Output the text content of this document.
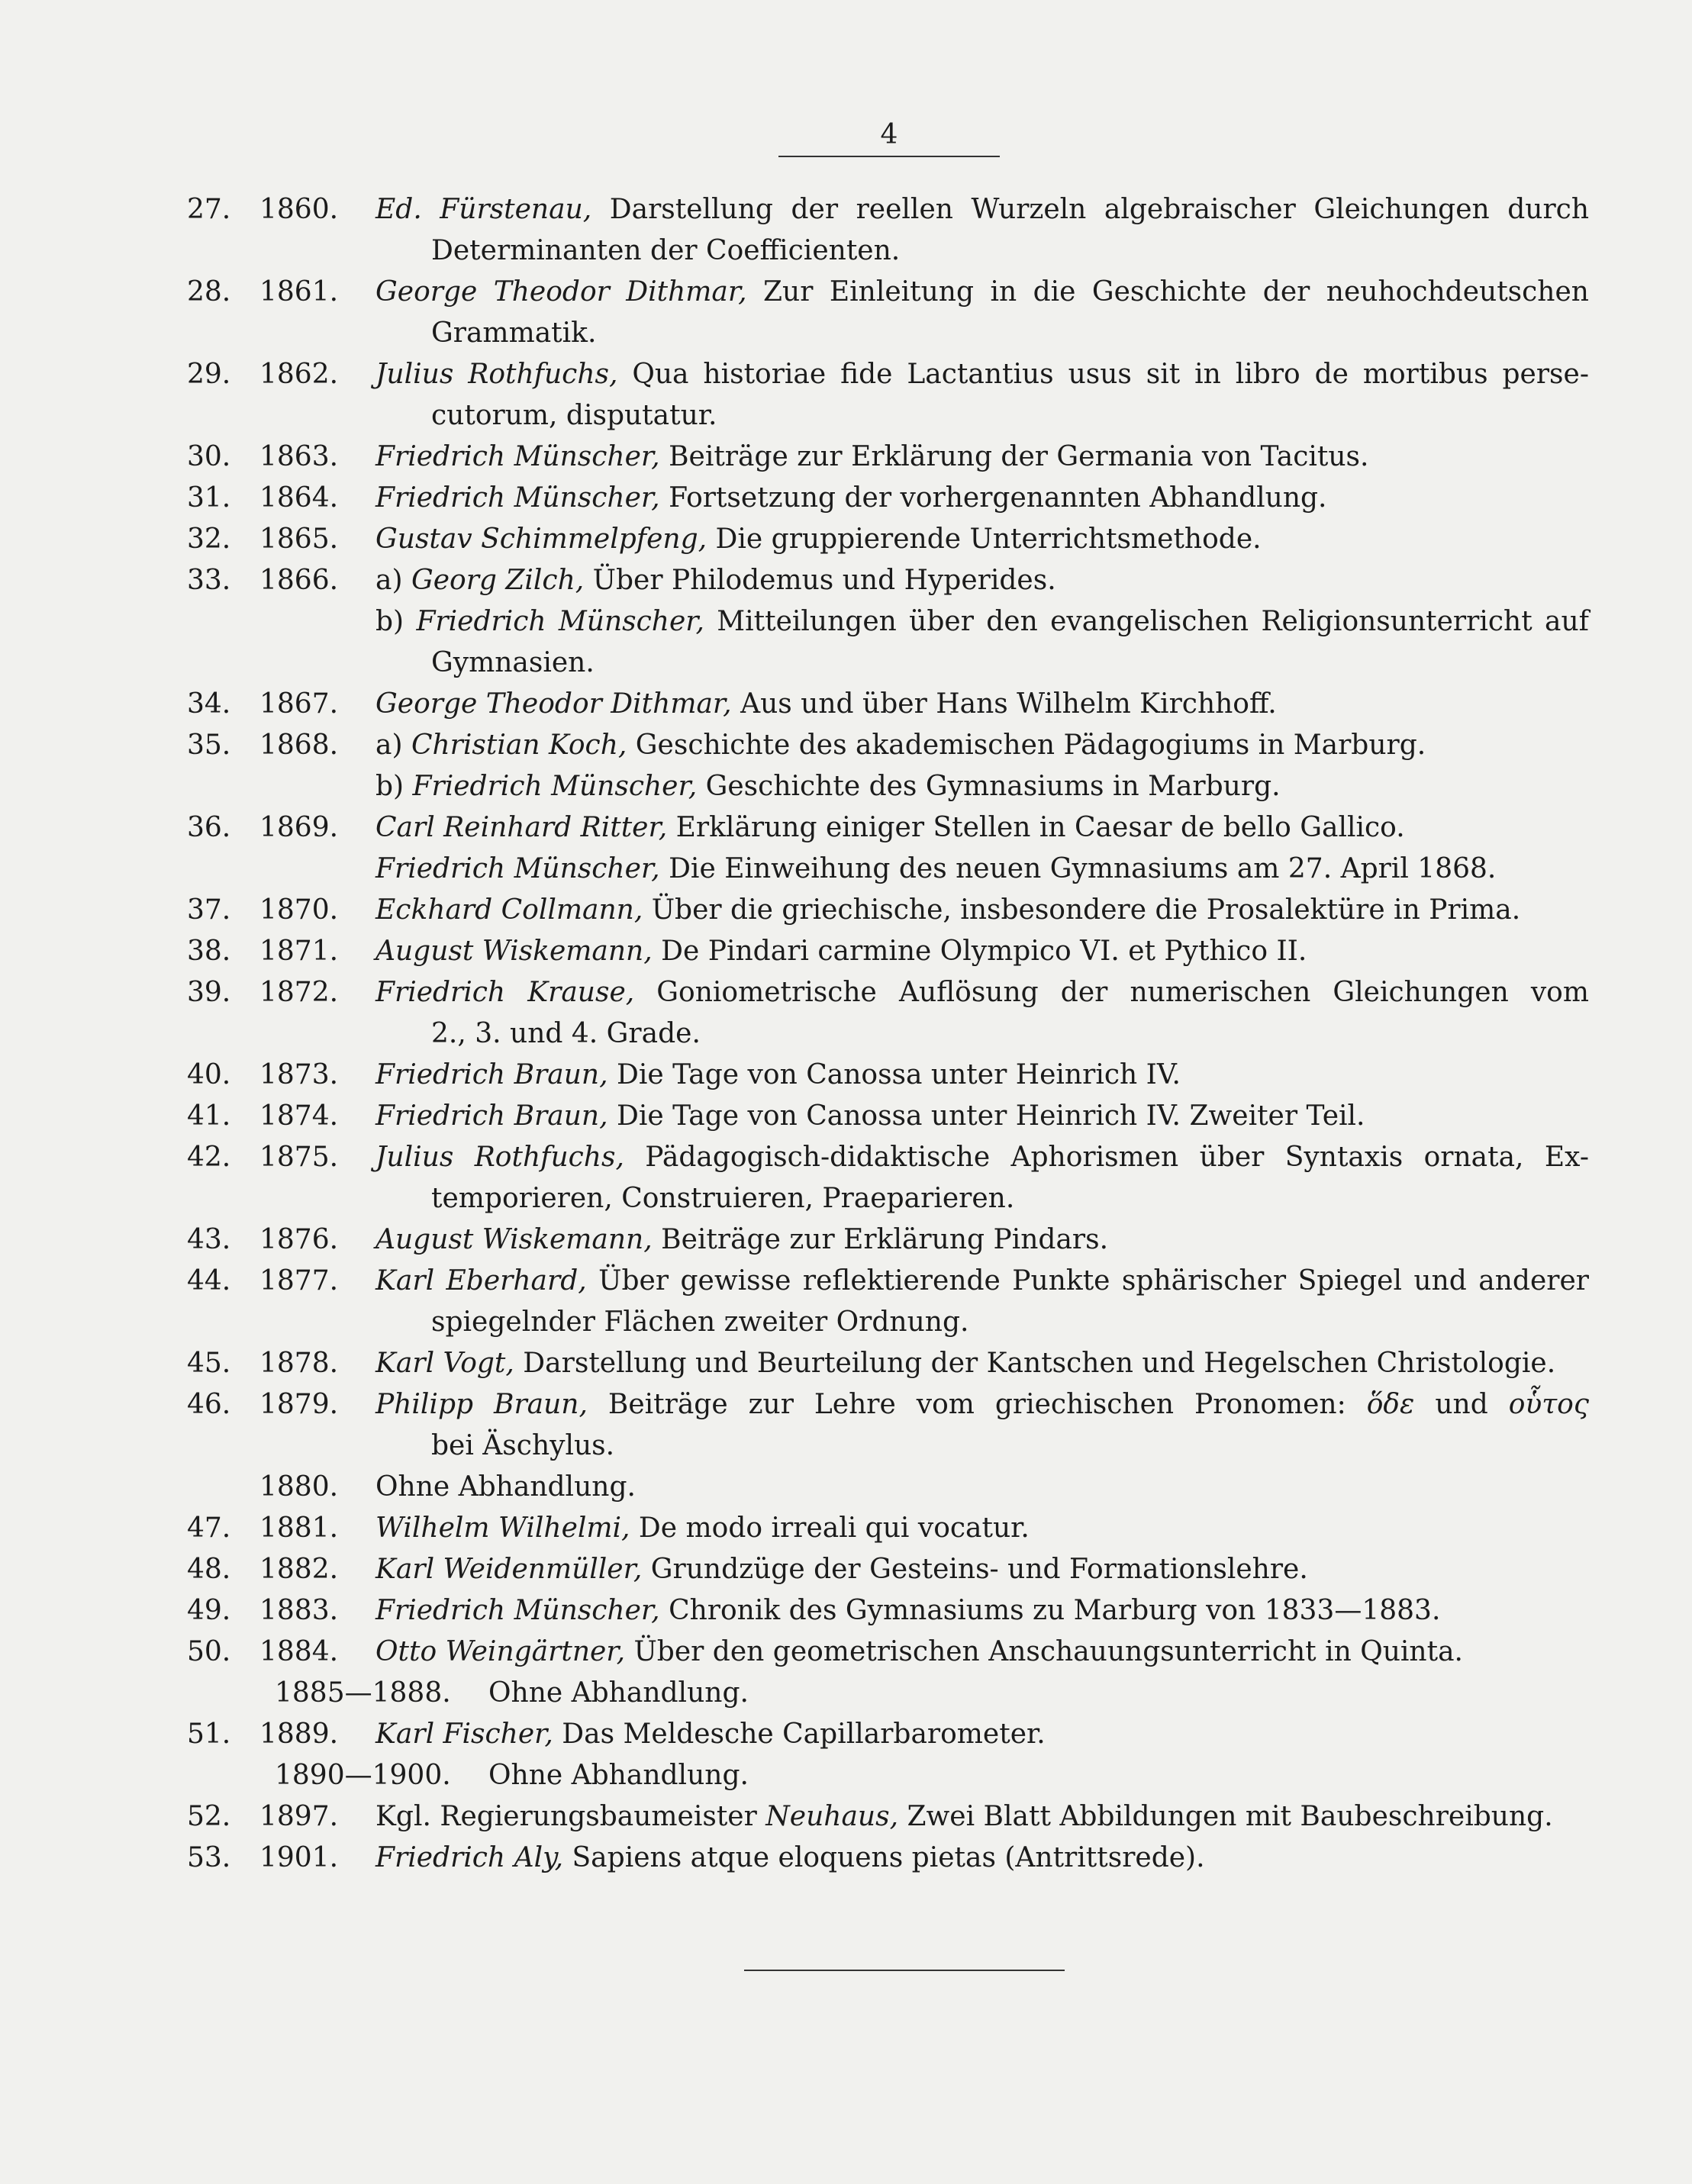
4
27.	1860.	Ed. Fürstenau, Darstellung der reellen Wurzeln algebraischer Gleichungen durch
Determinanten der Coefficienten.
28.	1861.	George Theodor Dithmar, Zur Einleitung in die Geschichte der neuhochdeutschen
Grammatik.
29.	1862.	Julius Rothfuchs, Qua historiae fide Lactantius usus sit in libro de mortibus perse-
cutorum, disputatur.
30.	1863.	Friedrich Münscher, Beiträge zur Erklärung der Germania von Tacitus.
31.	1864.	Friedrich Münscher, Fortsetzung der vorhergenannten Abhandlung.
32.	1865.	Gustav Schimmelpfeng, Die gruppierende Unterrichtsmethode.
33.	1866.	a) Georg Zilch, Über Philodemus und Hyperides.
b) Friedrich Münscher, Mitteilungen über den evangelischen Religionsunterricht auf
Gymnasien.
34.	1867.	George Theodor Dithmar, Aus und über Hans Wilhelm Kirchhoff.
35.	1868.	a) Christian Koch, Geschichte des akademischen Pädagogiums in Marburg.
b) Friedrich Münscher, Geschichte des Gymnasiums in Marburg.
36.	1869.	Carl Reinhard Ritter, Erklärung einiger Stellen in Caesar de bello Gallico.
Friedrich Münscher, Die Einweihung des neuen Gymnasiums am 27. April 1868.
37.	1870.	Eckhard Collmann, Über die griechische, insbesondere die Prosalektüre in Prima.
38.	1871.	August Wiskemann, De Pindari carmine Olympico VI. et Pythico II.
39.	1872.	Friedrich Krause, Goniometrische Auflösung der numerischen Gleichungen vom
2., 3. und 4. Grade.
40.	1873.	Friedrich Braun, Die Tage von Canossa unter Heinrich IV.
41.	1874.	Friedrich Braun, Die Tage von Canossa unter Heinrich IV. Zweiter Teil.
42.	1875.	Julius Rothfuchs, Pädagogisch-didaktische Aphorismen über Syntaxis ornata, Ex-
temporieren, Construieren, Praeparieren.
43.	1876.	August Wiskemann, Beiträge zur Erklärung Pindars.
44.	1877.	Karl Eberhard, Über gewisse reflektierende Punkte sphärischer Spiegel und anderer
spiegelnder Flächen zweiter Ordnung.
45.	1878.	Karl Vogt, Darstellung und Beurteilung der Kantschen und Hegelschen Christologie.
46.	1879.	Philipp Braun, Beiträge zur Lehre vom griechischen Pronomen: ὅδε und οὗτος
bei Äschylus.
1880.	Ohne Abhandlung.
47.	1881.	Wilhelm Wilhelmi, De modo irreali qui vocatur.
48.	1882.	Karl Weidenmüller, Grundzüge der Gesteins- und Formationslehre.
49.	1883.	Friedrich Münscher, Chronik des Gymnasiums zu Marburg von 1833—1883.
50.	1884.	Otto Weingärtner, Über den geometrischen Anschauungsunterricht in Quinta.
1885—1888. Ohne Abhandlung.
51.	1889.	Karl Fischer, Das Meldesche Capillarbarometer.
1890—1900. Ohne Abhandlung.
52.	1897.	Kgl. Regierungsbaumeister Neuhaus, Zwei Blatt Abbildungen mit Baubeschreibung.
53.	1901.	Friedrich Aly, Sapiens atque eloquens pietas (Antrittsrede).
